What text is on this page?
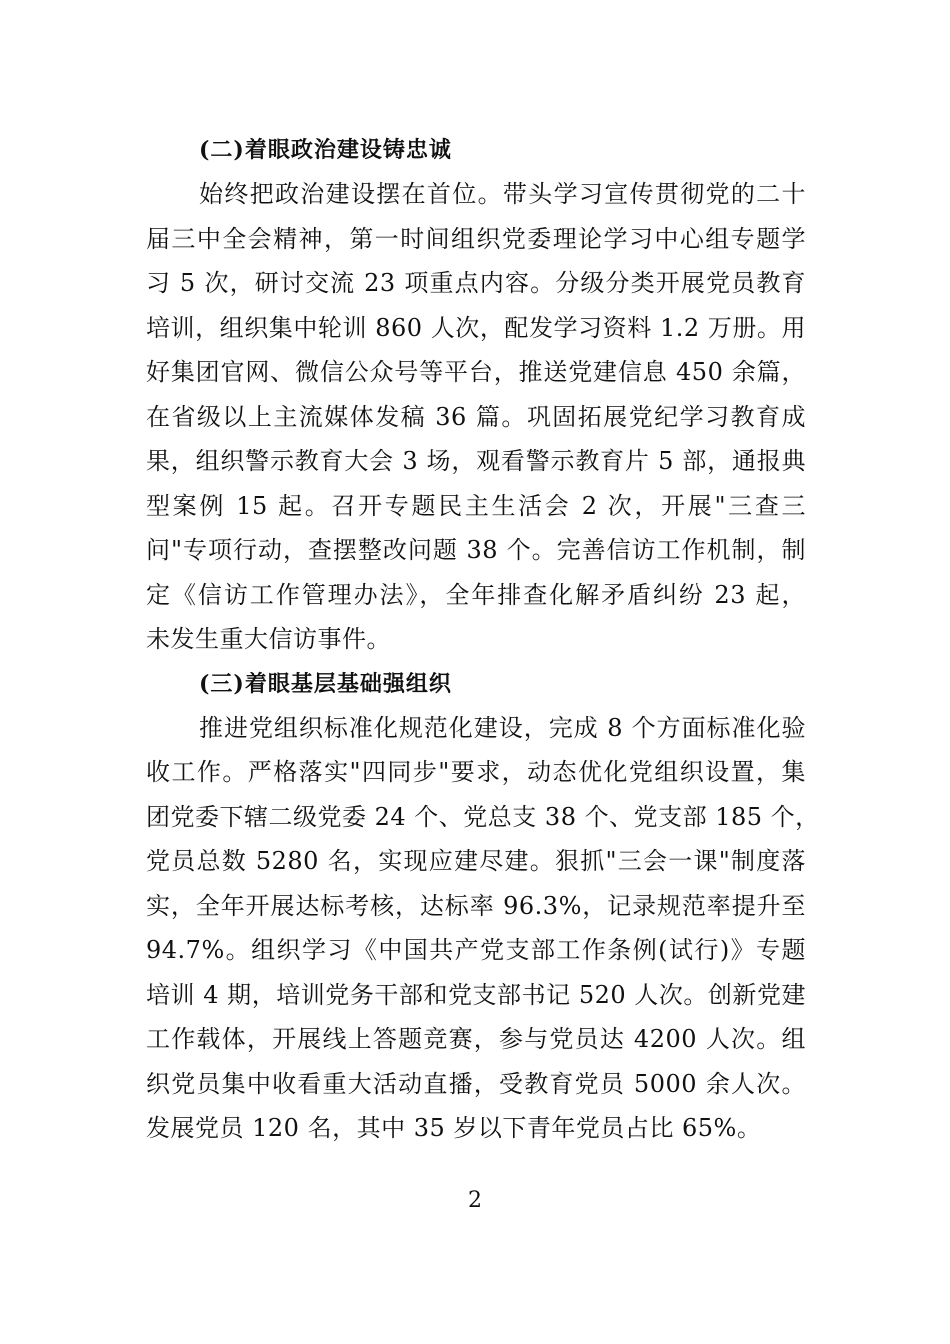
(二)着眼政治建设铸忠诚
始终把政治建设摆在首位。带头学习宣传贯彻党的二十
届三中全会精神，第一时间组织党委理论学习中心组专题学
习 5 次，研讨交流 23 项重点内容。分级分类开展党员教育
培训，组织集中轮训 860 人次，配发学习资料 1.2 万册。用
好集团官网、微信公众号等平台，推送党建信息 450 余篇，
在省级以上主流媒体发稿 36 篇。巩固拓展党纪学习教育成
果，组织警示教育大会 3 场，观看警示教育片 5 部，通报典
型案例 15 起。召开专题民主生活会 2 次，开展"三查三
问"专项行动，查摆整改问题 38 个。完善信访工作机制，制
定《信访工作管理办法》，全年排查化解矛盾纠纷 23 起，
未发生重大信访事件。
(三)着眼基层基础强组织
推进党组织标准化规范化建设，完成 8 个方面标准化验
收工作。严格落实"四同步"要求，动态优化党组织设置，集
团党委下辖二级党委 24 个、党总支 38 个、党支部 185 个，
党员总数 5280 名，实现应建尽建。狠抓"三会一课"制度落
实，全年开展达标考核，达标率 96.3%，记录规范率提升至
94.7%。组织学习《中国共产党支部工作条例(试行)》专题
培训 4 期，培训党务干部和党支部书记 520 人次。创新党建
工作载体，开展线上答题竞赛，参与党员达 4200 人次。组
织党员集中收看重大活动直播，受教育党员 5000 余人次。
发展党员 120 名，其中 35 岁以下青年党员占比 65%。
2
